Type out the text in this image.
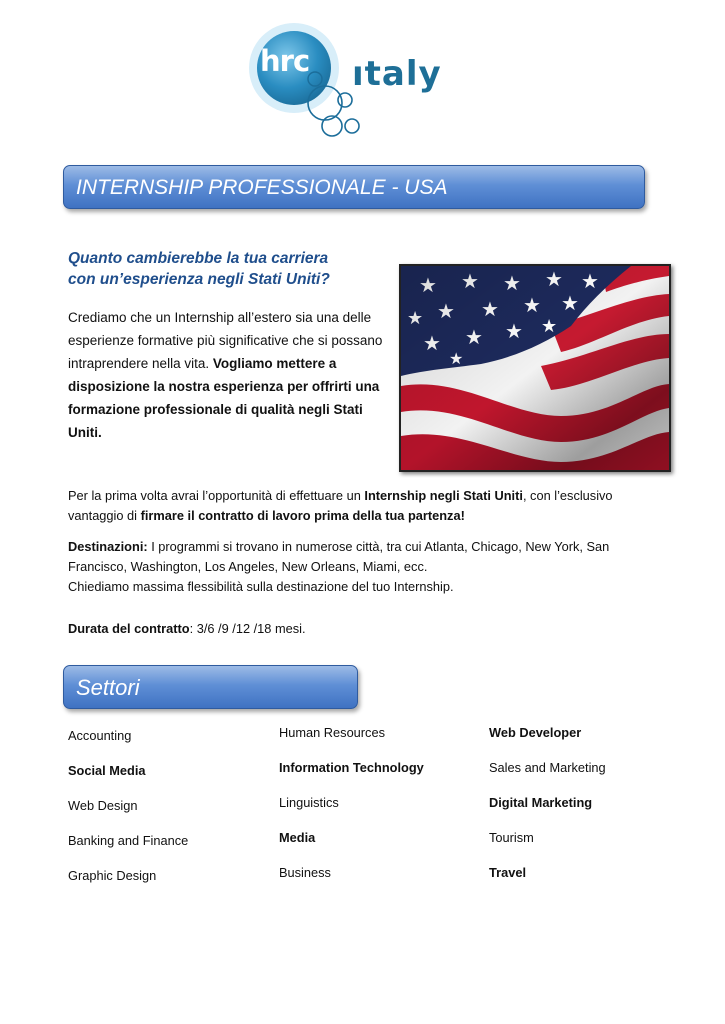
hrc ıtaly
INTERNSHIP PROFESSIONALE - USA
Quanto cambierebbe la tua carriera
con un’esperienza negli Stati Uniti?
Crediamo che un Internship all’estero sia una delle esperienze formative più significative che si possano intraprendere nella vita. Vogliamo mettere a disposizione la nostra esperienza per offrirti una formazione professionale di qualità negli Stati Uniti.
Per la prima volta avrai l’opportunità di effettuare un Internship negli Stati Uniti, con l’esclusivo vantaggio di firmare il contratto di lavoro prima della tua partenza!
Destinazioni: I programmi si trovano in numerose città, tra cui Atlanta, Chicago, New York, San Francisco, Washington, Los Angeles, New Orleans, Miami, ecc.
Chiediamo massima flessibilità sulla destinazione del tuo Internship.
Durata del contratto: 3/6 /9 /12 /18 mesi.
Settori
Accounting
Social Media
Web Design
Banking and Finance
Graphic Design
Human Resources
Information Technology
Linguistics
Media
Business
Web Developer
Sales and Marketing
Digital Marketing
Tourism
Travel
